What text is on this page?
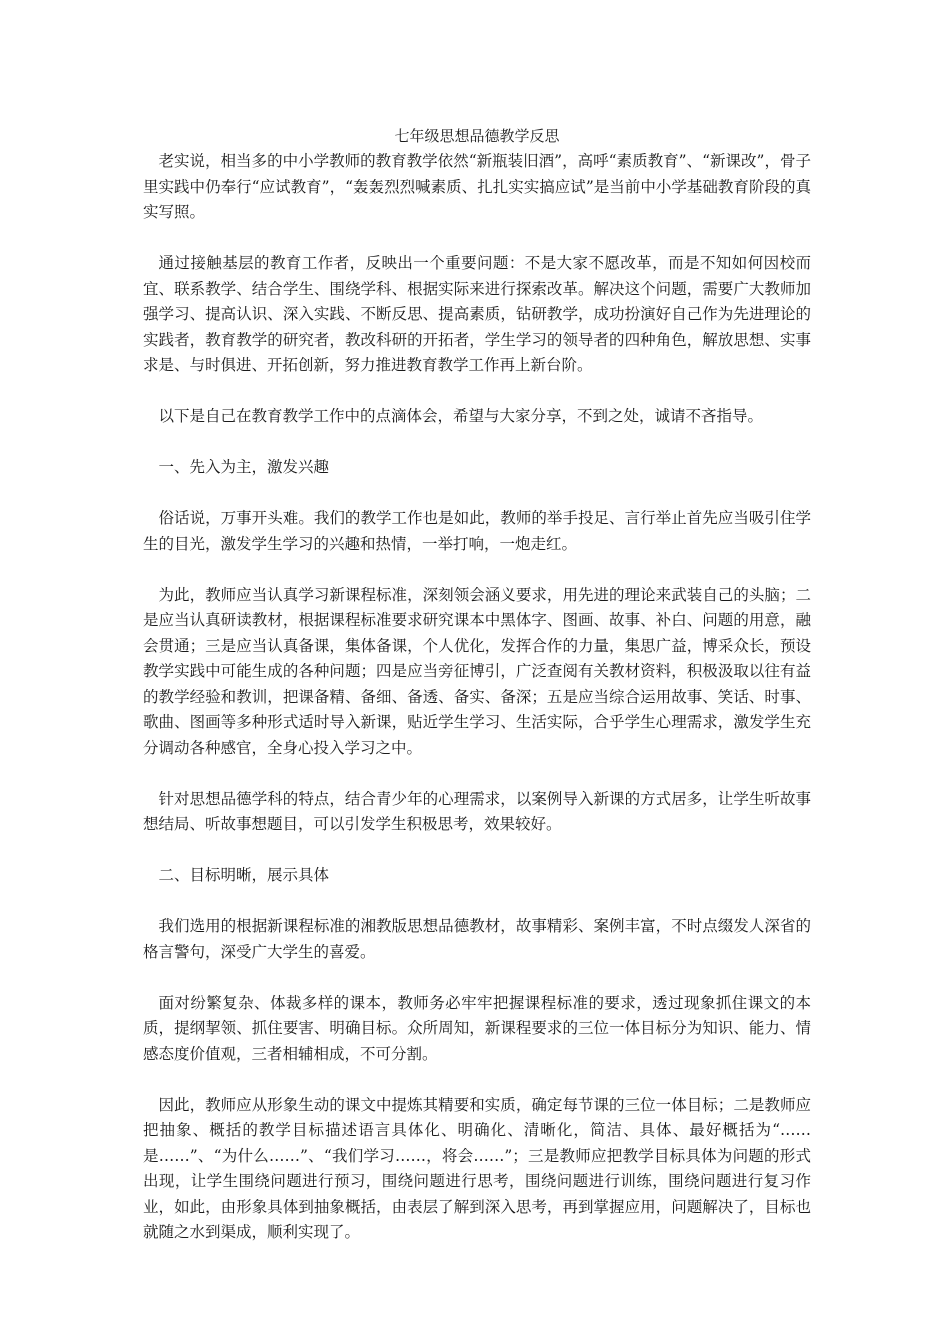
七年级思想品德教学反思

老实说，相当多的中小学教师的教育教学依然“新瓶装旧酒”，高呼“素质教育”、“新课改”，骨子里实践中仍奉行“应试教育”，“轰轰烈烈喊素质、扎扎实实搞应试”是当前中小学基础教育阶段的真实写照。

通过接触基层的教育工作者，反映出一个重要问题：不是大家不愿改革，而是不知如何因校而宜、联系教学、结合学生、围绕学科、根据实际来进行探索改革。解决这个问题，需要广大教师加强学习、提高认识、深入实践、不断反思、提高素质，钻研教学，成功扮演好自己作为先进理论的实践者，教育教学的研究者，教改科研的开拓者，学生学习的领导者的四种角色，解放思想、实事求是、与时俱进、开拓创新，努力推进教育教学工作再上新台阶。

以下是自己在教育教学工作中的点滴体会，希望与大家分享，不到之处，诚请不吝指导。

一、先入为主，激发兴趣

俗话说，万事开头难。我们的教学工作也是如此，教师的举手投足、言行举止首先应当吸引住学生的目光，激发学生学习的兴趣和热情，一举打响，一炮走红。

为此，教师应当认真学习新课程标准，深刻领会涵义要求，用先进的理论来武装自己的头脑；二是应当认真研读教材，根据课程标准要求研究课本中黑体字、图画、故事、补白、问题的用意，融会贯通；三是应当认真备课，集体备课，个人优化，发挥合作的力量，集思广益，博采众长，预设教学实践中可能生成的各种问题；四是应当旁征博引，广泛查阅有关教材资料，积极汲取以往有益的教学经验和教训，把课备精、备细、备透、备实、备深；五是应当综合运用故事、笑话、时事、歌曲、图画等多种形式适时导入新课，贴近学生学习、生活实际，合乎学生心理需求，激发学生充分调动各种感官，全身心投入学习之中。

针对思想品德学科的特点，结合青少年的心理需求，以案例导入新课的方式居多，让学生听故事想结局、听故事想题目，可以引发学生积极思考，效果较好。

二、目标明晰，展示具体

我们选用的根据新课程标准的湘教版思想品德教材，故事精彩、案例丰富，不时点缀发人深省的格言警句，深受广大学生的喜爱。

面对纷繁复杂、体裁多样的课本，教师务必牢牢把握课程标准的要求，透过现象抓住课文的本质，提纲挈领、抓住要害、明确目标。众所周知，新课程要求的三位一体目标分为知识、能力、情感态度价值观，三者相辅相成，不可分割。

因此，教师应从形象生动的课文中提炼其精要和实质，确定每节课的三位一体目标；二是教师应把抽象、概括的教学目标描述语言具体化、明确化、清晰化，简洁、具体、最好概括为“……是……”、“为什么……”、“我们学习……，将会……”；三是教师应把教学目标具体为问题的形式出现，让学生围绕问题进行预习，围绕问题进行思考，围绕问题进行训练，围绕问题进行复习作业，如此，由形象具体到抽象概括，由表层了解到深入思考，再到掌握应用，问题解决了，目标也就随之水到渠成，顺利实现了。
